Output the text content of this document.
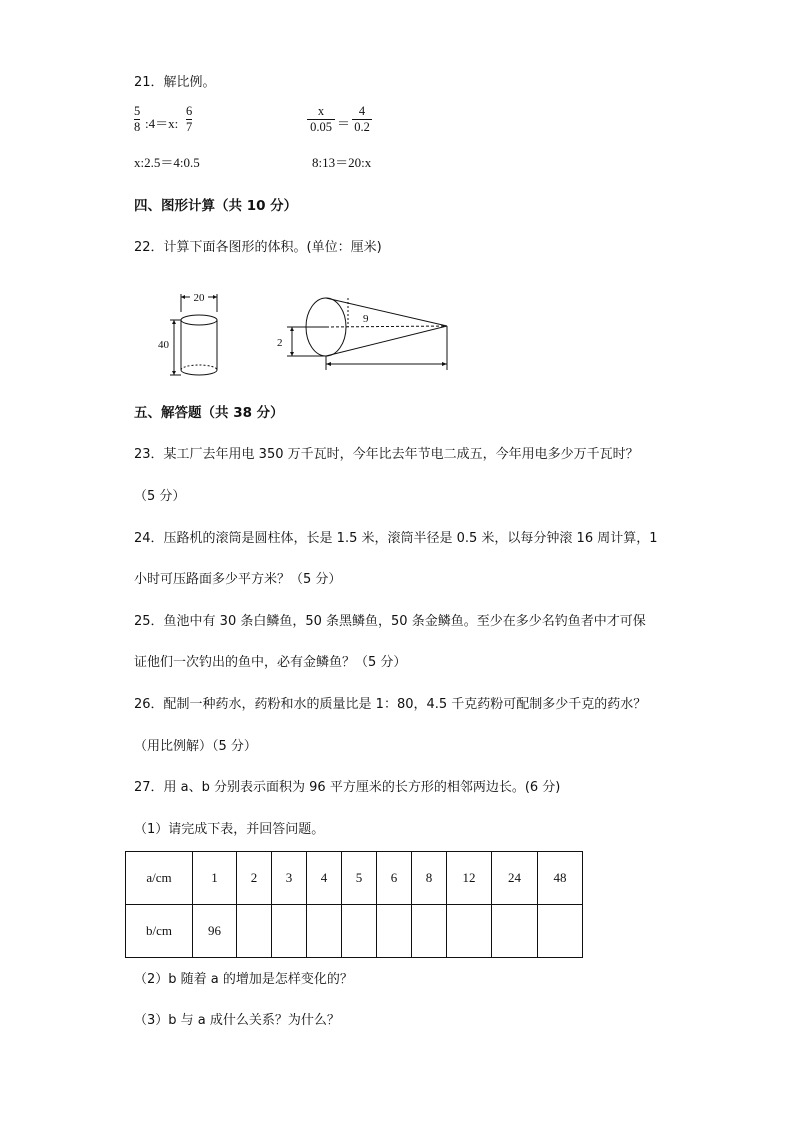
21．解比例。
5
8 :4＝x:
6
7
x
0.05 ＝
4
0.2
x:2.5＝4:0.5	8:13＝20:x
四、图形计算（共 10 分）
22．计算下面各图形的体积。(单位：厘米)
20
40
9
2
五、解答题（共 38 分）
23．某工厂去年用电 350 万千瓦时，今年比去年节电二成五，今年用电多少万千瓦时？
（5 分）
24．压路机的滚筒是圆柱体，长是 1.5 米，滚筒半径是 0.5 米，以每分钟滚 16 周计算，1
小时可压路面多少平方米？（5 分）
25．鱼池中有 30 条白鳞鱼，50 条黑鳞鱼，50 条金鳞鱼。至少在多少名钓鱼者中才可保
证他们一次钓出的鱼中，必有金鳞鱼？（5 分）
26．配制一种药水，药粉和水的质量比是 1：80，4.5 千克药粉可配制多少千克的药水？
（用比例解）（5 分）
27．用 a、b 分别表示面积为 96 平方厘米的长方形的相邻两边长。(6 分)
（1）请完成下表，并回答问题。
a/cm	1	2	3	4	5	6	8	12	24	48
b/cm	96									
（2）b 随着 a 的增加是怎样变化的？
（3）b 与 a 成什么关系？为什么？
